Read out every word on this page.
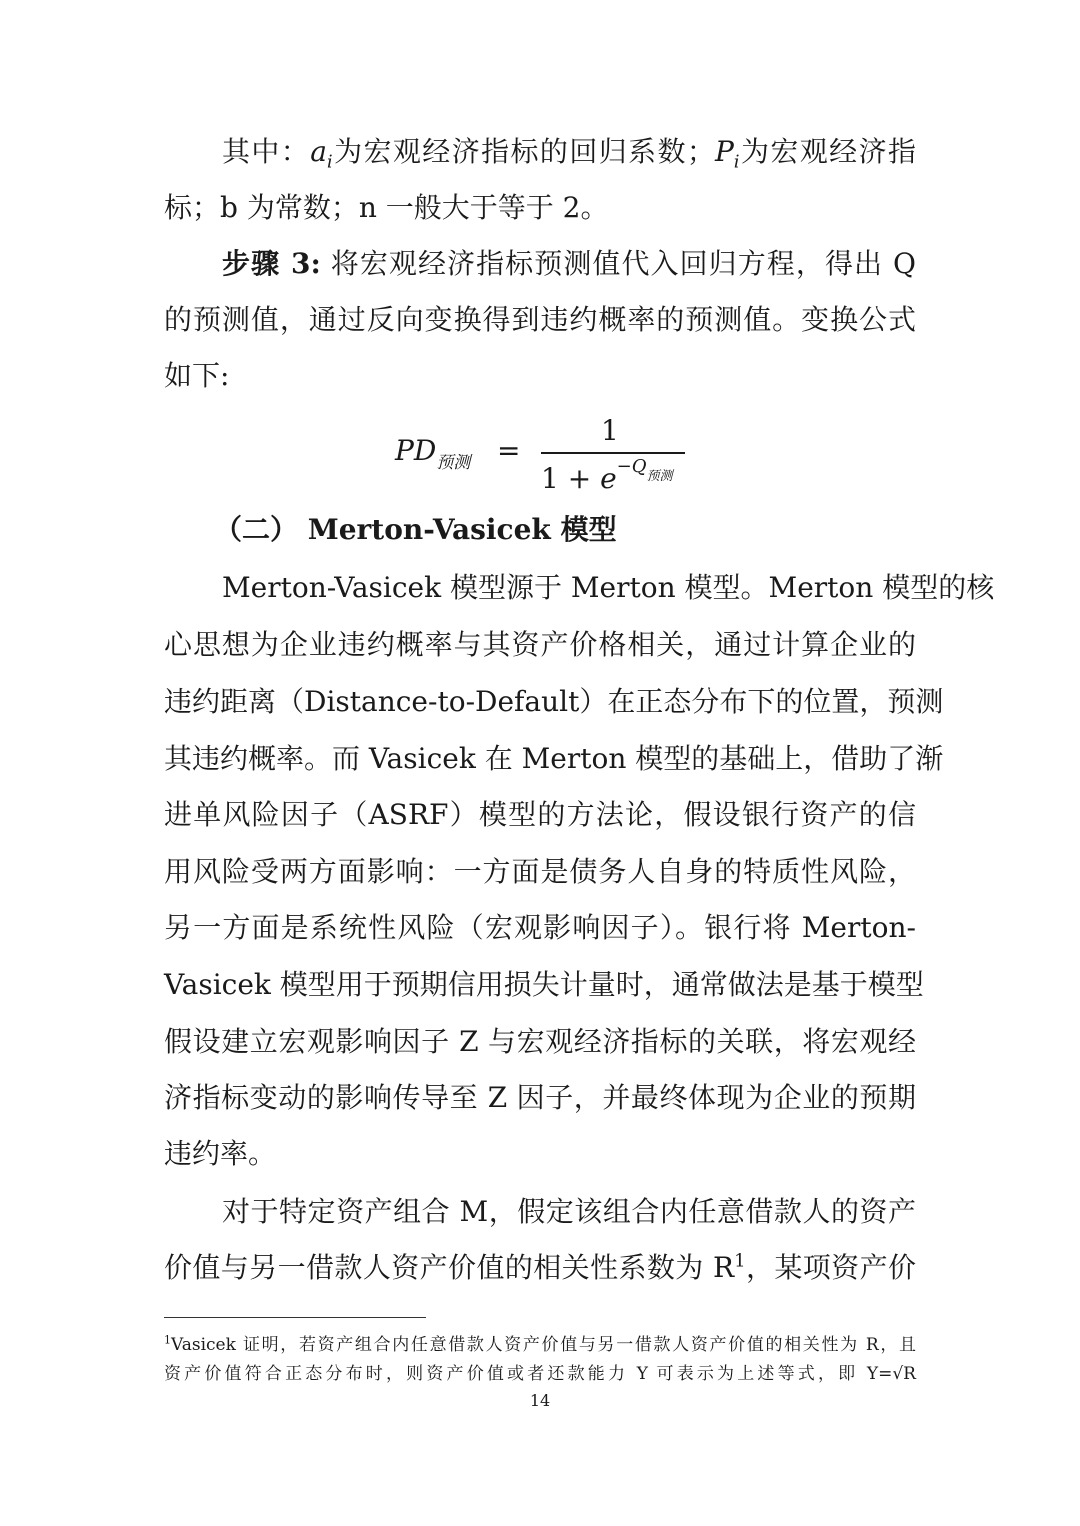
其中：$a_i$为宏观经济指标的回归系数；$P_i$为宏观经济指
标；b 为常数；n 一般大于等于 2。
步骤 3: 将宏观经济指标预测值代入回归方程，得出 Q
的预测值，通过反向变换得到违约概率的预测值。变换公式
如下:
$PD_{预测}$ =
1
$1 + e^{-Q预测}$
（二） Merton-Vasicek 模型
Merton-Vasicek 模型源于 Merton 模型。Merton 模型的核
心思想为企业违约概率与其资产价格相关，通过计算企业的
违约距离（Distance-to-Default）在正态分布下的位置，预测
其违约概率。而 Vasicek 在 Merton 模型的基础上，借助了渐
进单风险因子（ASRF）模型的方法论，假设银行资产的信
用风险受两方面影响：一方面是债务人自身的特质性风险，
另一方面是系统性风险（宏观影响因子）。银行将 Merton-
Vasicek 模型用于预期信用损失计量时，通常做法是基于模型
假设建立宏观影响因子 Z 与宏观经济指标的关联，将宏观经
济指标变动的影响传导至 Z 因子，并最终体现为企业的预期
违约率。
对于特定资产组合 M，假定该组合内任意借款人的资产
价值与另一借款人资产价值的相关性系数为 $R^1$，某项资产价
$^1$Vasicek 证明，若资产组合内任意借款人资产价值与另一借款人资产价值的相关性为 R，且
资产价值符合正态分布时，则资产价值或者还款能力 Y 可表示为上述等式，即 Y=√R
14
